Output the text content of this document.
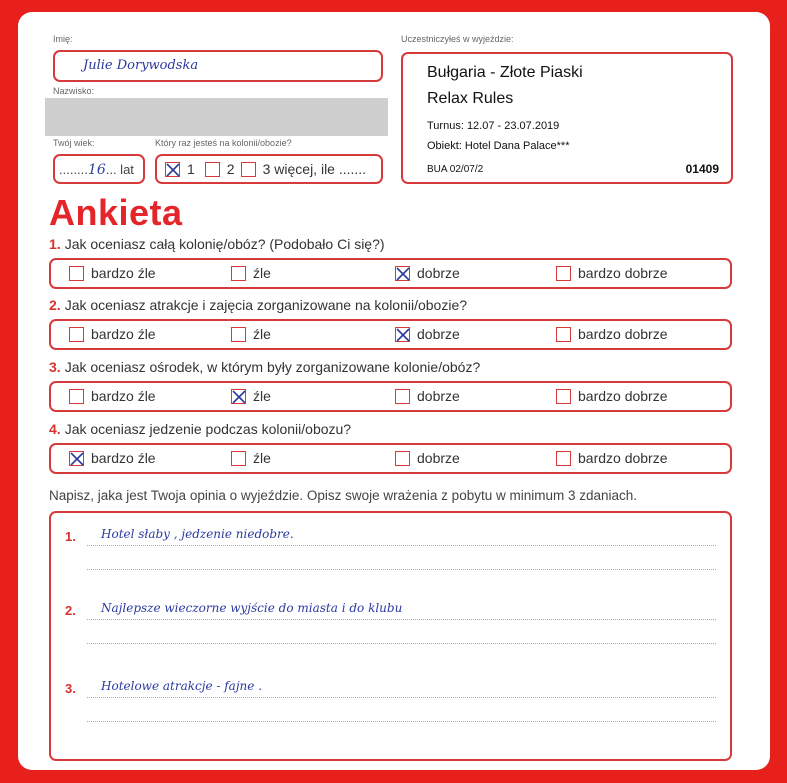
Imię:
Julie Dorywodska
Nazwisko:
Twój wiek:
........16... lat
Który raz jesteś na kolonii/obozie?
1 2 3 więcej, ile .......
Uczestniczyłeś w wyjeździe:
Bułgaria - Złote Piaski
Relax Rules
Turnus: 12.07 - 23.07.2019
Obiekt: Hotel Dana Palace***
BUA 02/07/2	01409
Ankieta
1. Jak oceniasz całą kolonię/obóz? (Podobało Ci się?)
bardzo źle	źle	dobrze	bardzo dobrze
2. Jak oceniasz atrakcje i zajęcia zorganizowane na kolonii/obozie?
bardzo źle	źle	dobrze	bardzo dobrze
3. Jak oceniasz ośrodek, w którym były zorganizowane kolonie/obóz?
bardzo źle	źle	dobrze	bardzo dobrze
4. Jak oceniasz jedzenie podczas kolonii/obozu?
bardzo źle	źle	dobrze	bardzo dobrze
Napisz, jaka jest Twoja opinia o wyjeździe. Opisz swoje wrażenia z pobytu w minimum 3 zdaniach.
1. Hotel słaby , jedzenie niedobre.
2. Najlepsze wieczorne wyjście do miasta i do klubu
3. Hotelowe atrakcje - fajne .
